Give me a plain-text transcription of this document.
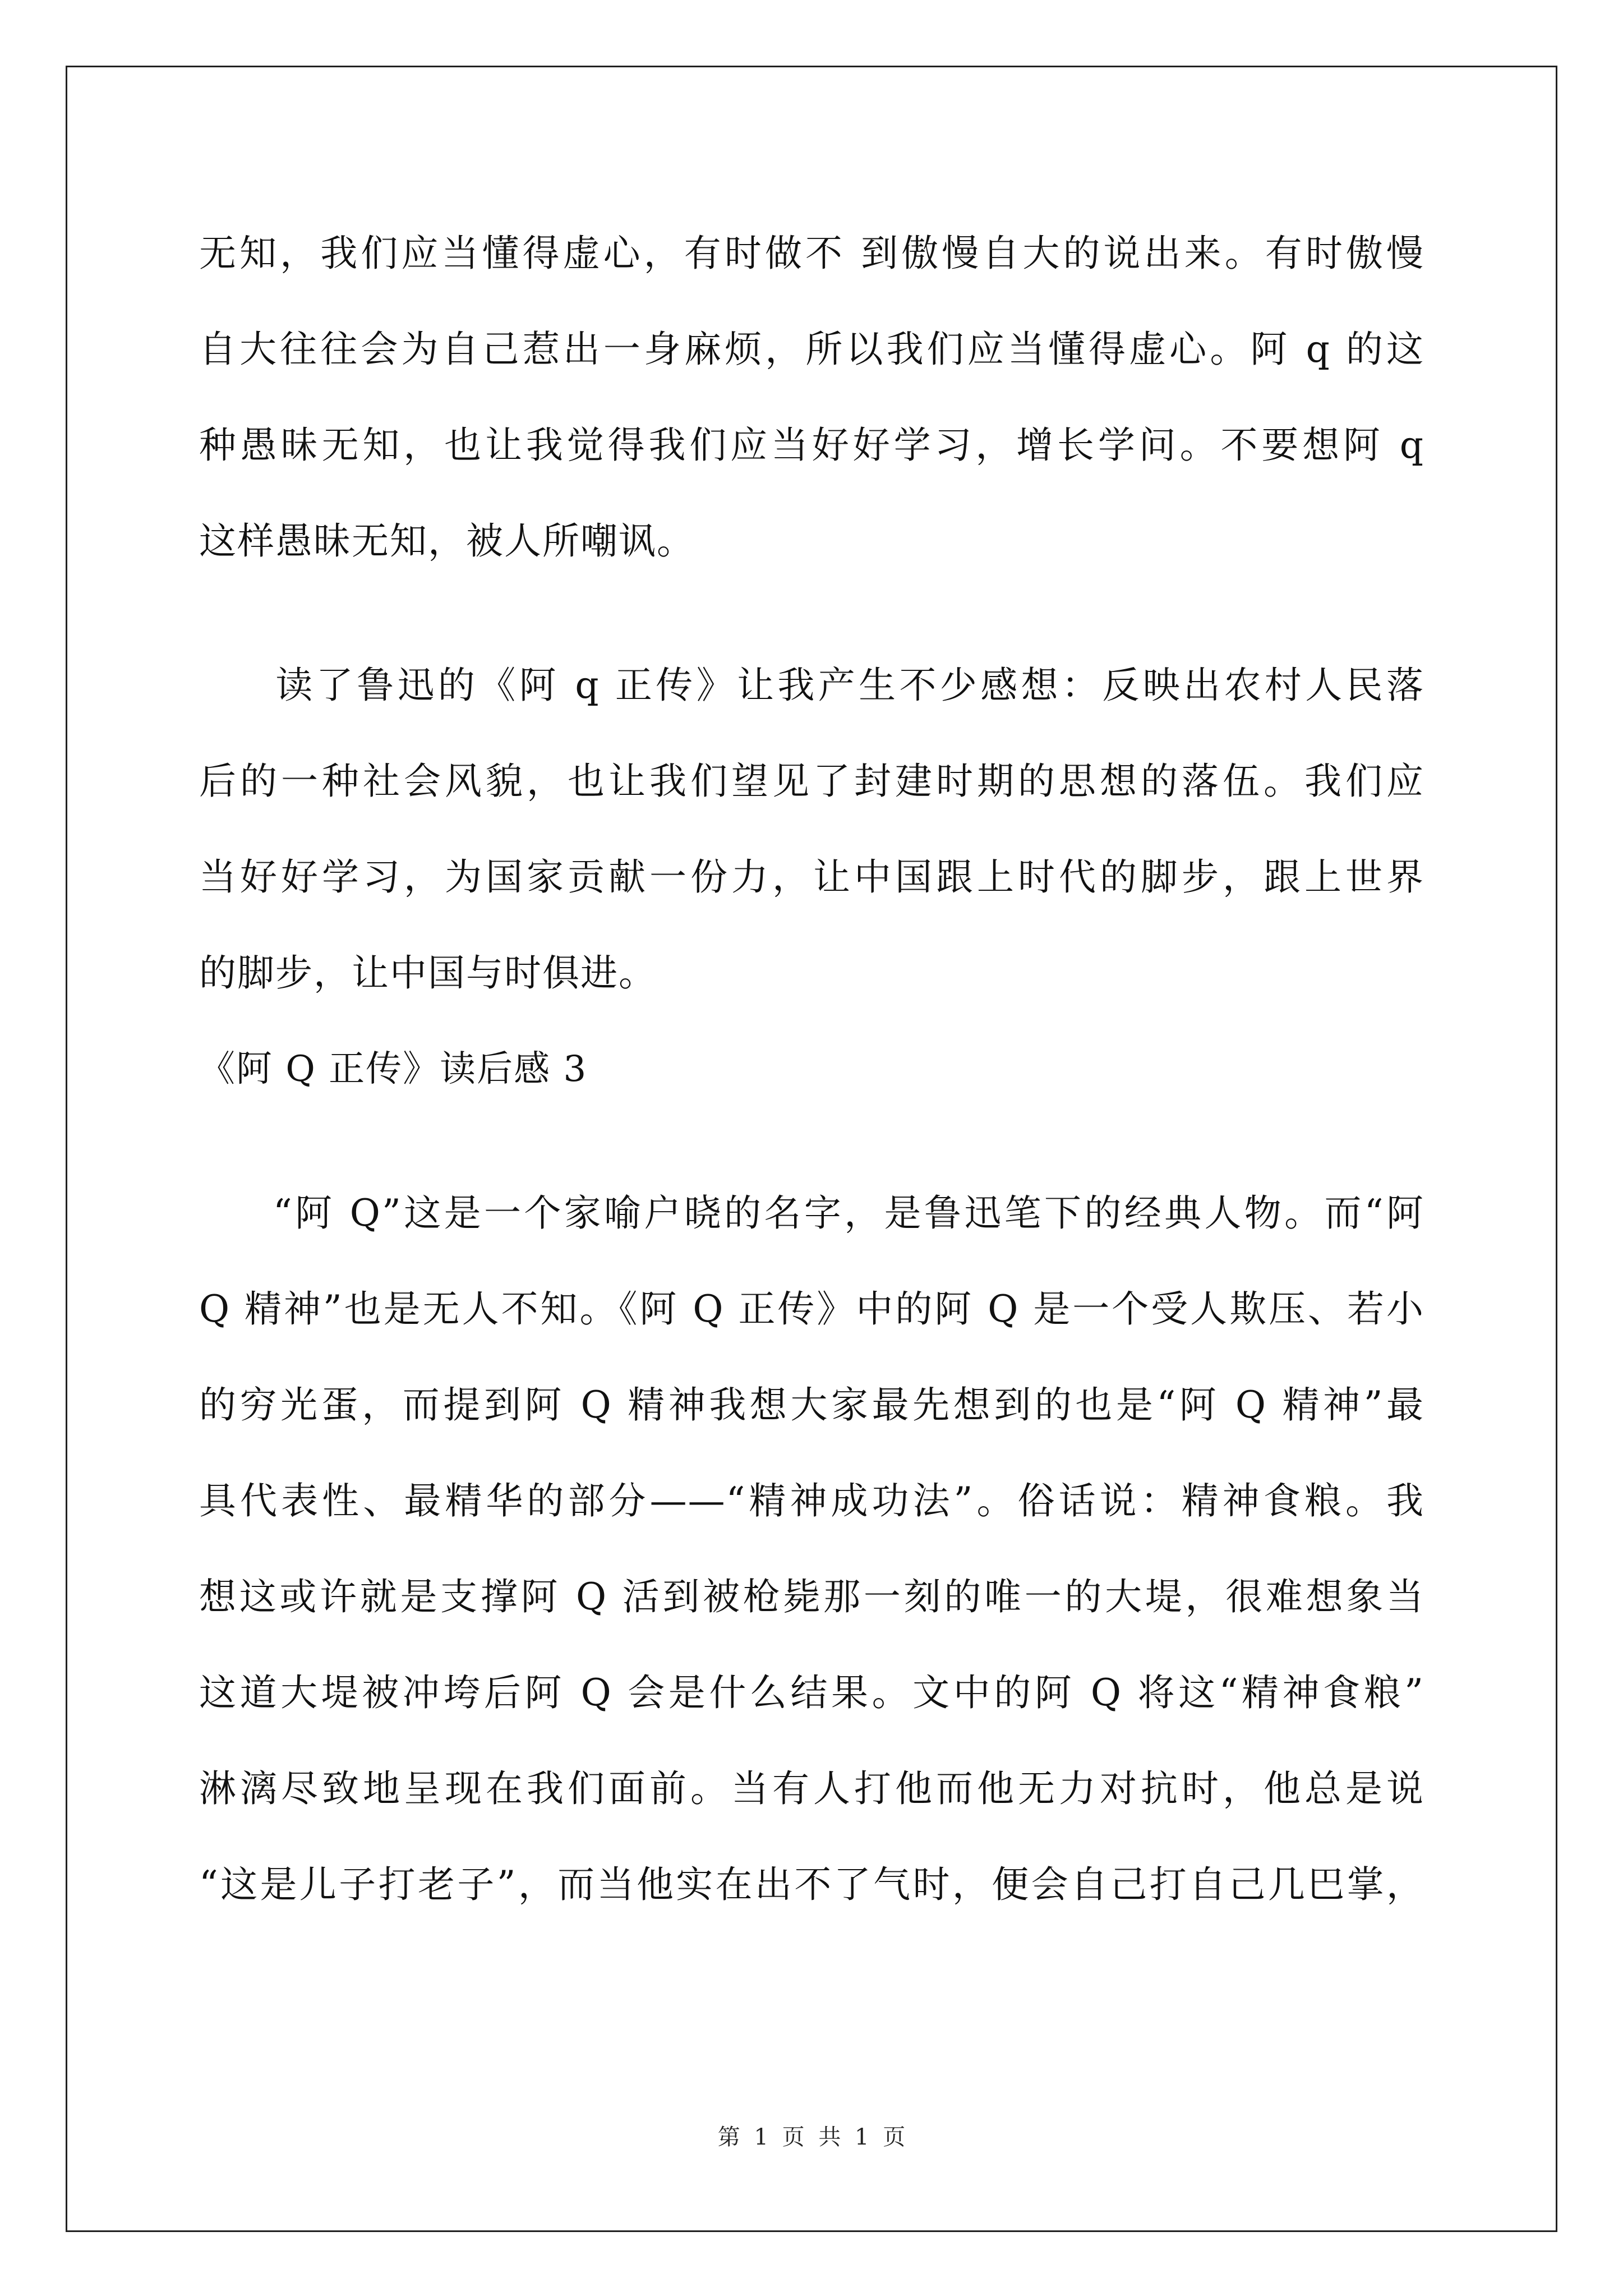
无知，我们应当懂得虚心，有时做不 到傲慢自大的说出来。有时傲慢
自大往往会为自己惹出一身麻烦，所以我们应当懂得虚心。阿 q 的这
种愚昧无知，也让我觉得我们应当好好学习，增长学问。不要想阿 q
这样愚昧无知，被人所嘲讽。
读了鲁迅的《阿 q 正传》让我产生不少感想：反映出农村人民落
后的一种社会风貌，也让我们望见了封建时期的思想的落伍。我们应
当好好学习，为国家贡献一份力，让中国跟上时代的脚步，跟上世界
的脚步，让中国与时俱进。
《阿 Q 正传》读后感 3
“阿 Q”这是一个家喻户晓的名字，是鲁迅笔下的经典人物。而“阿
Q 精神”也是无人不知。《阿 Q 正传》中的阿 Q 是一个受人欺压、若小
的穷光蛋，而提到阿 Q 精神我想大家最先想到的也是“阿 Q 精神”最
具代表性、最精华的部分——“精神成功法”。俗话说：精神食粮。我
想这或许就是支撑阿 Q 活到被枪毙那一刻的唯一的大堤，很难想象当
这道大堤被冲垮后阿 Q 会是什么结果。文中的阿 Q 将这“精神食粮”
淋漓尽致地呈现在我们面前。当有人打他而他无力对抗时，他总是说
“这是儿子打老子”，而当他实在出不了气时，便会自己打自己几巴掌，
第 1 页 共 1 页
